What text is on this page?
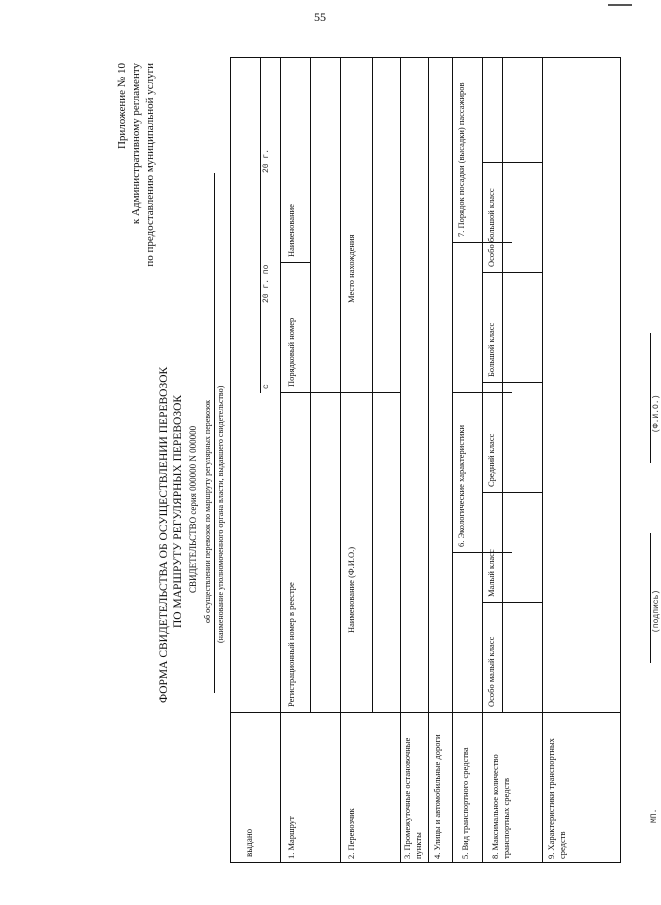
55
Приложение № 10 к Административному регламенту по предоставлению муниципальной услуги
ФОРМА СВИДЕТЕЛЬСТВА ОБ ОСУЩЕСТВЛЕНИИ ПЕРЕВОЗОК ПО МАРШРУТУ РЕГУЛЯРНЫХ ПЕРЕВОЗОК СВИДЕТЕЛЬСТВО серия 000000 N 000000 об осуществлении перевозок по маршруту регулярных перевозок (наименование уполномоченного органа власти, выдавшего свидетельство)
выдано
с
20 г. по
20 г.
1. Маршрут
Регистрационный номер в реестре
Порядковый номер
Наименование
2. Перевозчик
Наименование (Ф.И.О.)
Место нахождения
3. Промежуточные остановочные пункты 4. Улицы и автомобильные дороги 5. Вид транспортного средства
6. Экологические характеристики
7. Порядок посадки (высадки) пассажиров
8. Максимальное количество транспортных средств
Особо малый класс
Малый класс
Средний класс
Большой класс
Особо большой класс
9. Характеристики транспортных средств
МП.
(подпись)
(Ф.И.О.)
